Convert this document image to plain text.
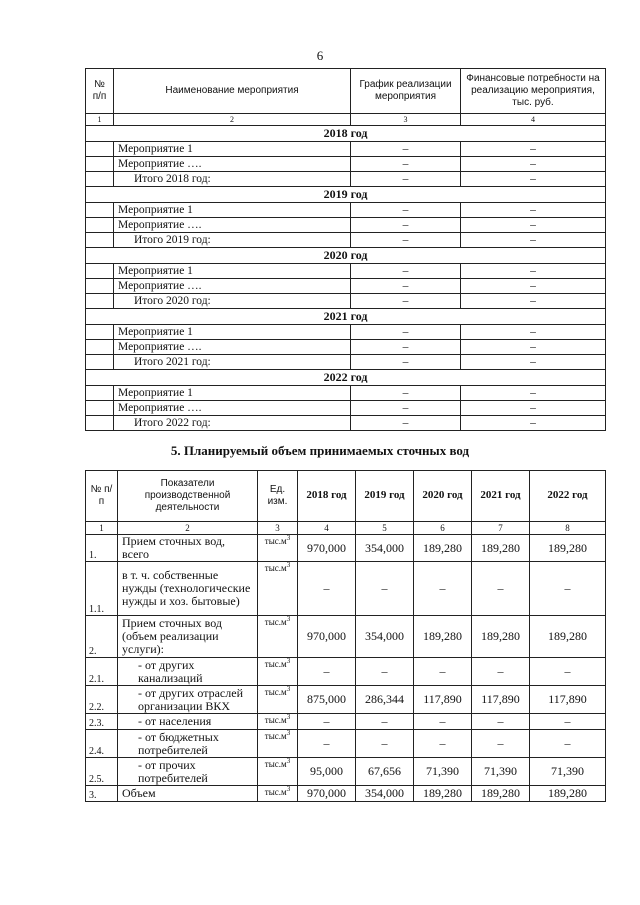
6
№ п/п	Наименование мероприятия	График реализации мероприятия	Финансовые потребности на реализацию мероприятия, тыс. руб.
1	2	3	4
2018 год			
	Мероприятие 1	–	–
	Мероприятие ….	–	–
	Итого 2018 год:	–	–
2019 год			
	Мероприятие 1	–	–
	Мероприятие ….	–	–
	Итого 2019 год:	–	–
2020 год			
	Мероприятие 1	–	–
	Мероприятие ….	–	–
	Итого 2020 год:	–	–
2021 год			
	Мероприятие 1	–	–
	Мероприятие ….	–	–
	Итого 2021 год:	–	–
2022 год			
	Мероприятие 1	–	–
	Мероприятие ….	–	–
	Итого 2022 год:	–	–
5. Планируемый объем принимаемых сточных вод
№ п/п	Показатели производственной деятельности	Ед. изм.	2018 год	2019 год	2020 год	2021 год	2022 год
1	2	3	4	5	6	7	8
1.	Прием сточных вод, всего	$тыс.м^3$	970,000	354,000	189,280	189,280	189,280
1.1.	в т. ч. собственные нужды (технологические нужды и хоз. бытовые)	$тыс.м^3$	–	–	–	–	–
2.	Прием сточных вод (объем реализации услуги):	$тыс.м^3$	970,000	354,000	189,280	189,280	189,280
2.1.	- от других канализаций	$тыс.м^3$	–	–	–	–	–
2.2.	- от других отраслей организации ВКХ	$тыс.м^3$	875,000	286,344	117,890	117,890	117,890
2.3.	- от населения	$тыс.м^3$	–	–	–	–	–
2.4.	- от бюджетных потребителей	$тыс.м^3$	–	–	–	–	–
2.5.	- от прочих потребителей	$тыс.м^3$	95,000	67,656	71,390	71,390	71,390
3.	Объем	$тыс.м^3$	970,000	354,000	189,280	189,280	189,280
